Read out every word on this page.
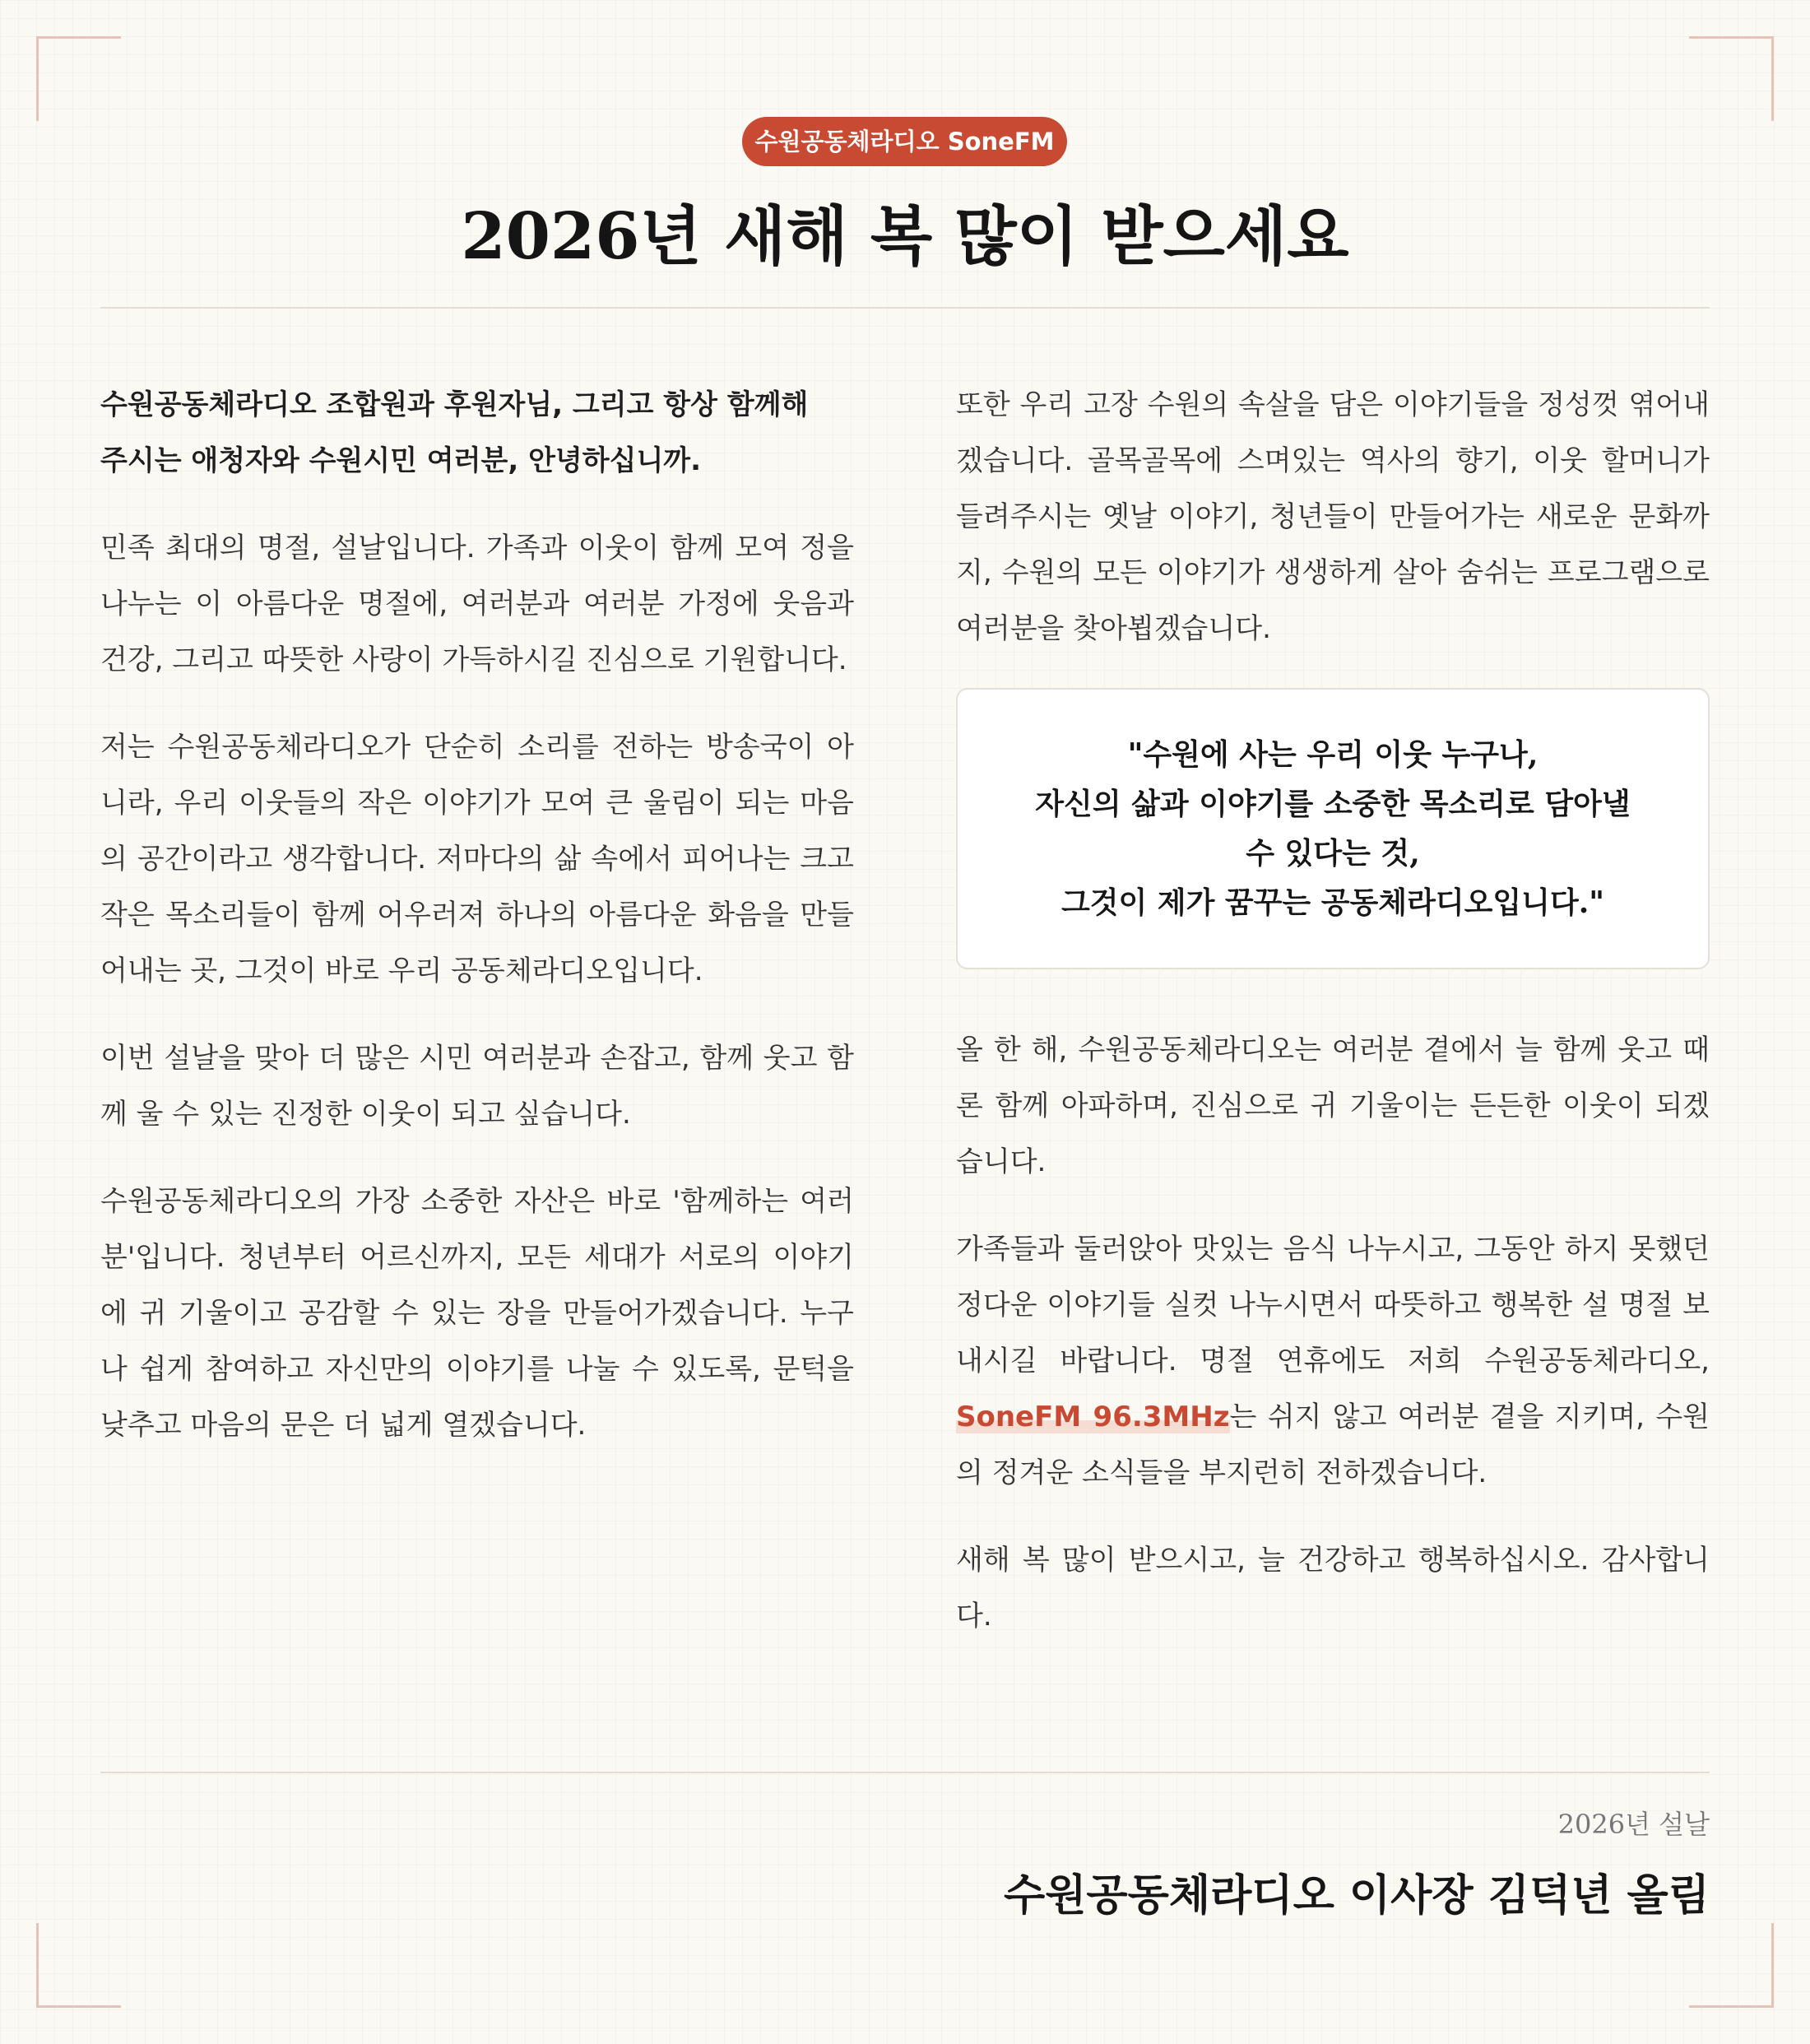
수원공동체라디오 SoneFM
2026년 새해 복 많이 받으세요

수원공동체라디오 조합원과 후원자님, 그리고 항상 함께해
주시는 애청자와 수원시민 여러분, 안녕하십니까.

민족 최대의 명절, 설날입니다. 가족과 이웃이 함께 모여 정을 나누는 이 아름다운 명절에, 여러분과 여러분 가정에 웃음과 건강, 그리고 따뜻한 사랑이 가득하시길 진심으로 기원합니다.

저는 수원공동체라디오가 단순히 소리를 전하는 방송국이 아니라, 우리 이웃들의 작은 이야기가 모여 큰 울림이 되는 마음의 공간이라고 생각합니다. 저마다의 삶 속에서 피어나는 크고 작은 목소리들이 함께 어우러져 하나의 아름다운 화음을 만들어내는 곳, 그것이 바로 우리 공동체라디오입니다.

이번 설날을 맞아 더 많은 시민 여러분과 손잡고, 함께 웃고 함께 울 수 있는 진정한 이웃이 되고 싶습니다.

수원공동체라디오의 가장 소중한 자산은 바로 '함께하는 여러분'입니다. 청년부터 어르신까지, 모든 세대가 서로의 이야기에 귀 기울이고 공감할 수 있는 장을 만들어가겠습니다. 누구나 쉽게 참여하고 자신만의 이야기를 나눌 수 있도록, 문턱을 낮추고 마음의 문은 더 넓게 열겠습니다.

또한 우리 고장 수원의 속살을 담은 이야기들을 정성껏 엮어내겠습니다. 골목골목에 스며있는 역사의 향기, 이웃 할머니가 들려주시는 옛날 이야기, 청년들이 만들어가는 새로운 문화까지, 수원의 모든 이야기가 생생하게 살아 숨쉬는 프로그램으로 여러분을 찾아뵙겠습니다.

"수원에 사는 우리 이웃 누구나,
자신의 삶과 이야기를 소중한 목소리로 담아낼
수 있다는 것,
그것이 제가 꿈꾸는 공동체라디오입니다."

올 한 해, 수원공동체라디오는 여러분 곁에서 늘 함께 웃고 때론 함께 아파하며, 진심으로 귀 기울이는 든든한 이웃이 되겠습니다.

가족들과 둘러앉아 맛있는 음식 나누시고, 그동안 하지 못했던 정다운 이야기들 실컷 나누시면서 따뜻하고 행복한 설 명절 보내시길 바랍니다. 명절 연휴에도 저희 수원공동체라디오, SoneFM 96.3MHz는 쉬지 않고 여러분 곁을 지키며, 수원의 정겨운 소식들을 부지런히 전하겠습니다.

새해 복 많이 받으시고, 늘 건강하고 행복하십시오. 감사합니다.

2026년 설날
수원공동체라디오 이사장 김덕년 올림
